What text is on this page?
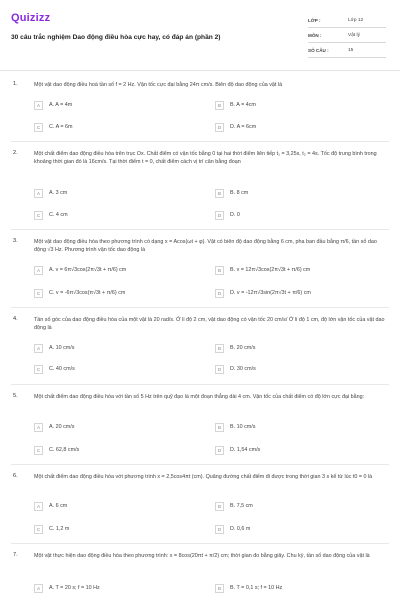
Quizizz
30 câu trắc nghiệm Dao động điều hòa cực hay, có đáp án (phần 2)
LỚP :	Lớp 12
MÔN :	Vật lý
SỐ CÂU :	15
1.	Một vật dao động điều hoà tần số f = 2 Hz. Vận tốc cực đại bằng 24π cm/s. Biên độ dao động của vật là
A	A. A = 4m	B	B. A = 4cm
C	C. A = 6m	D	D. A = 6cm
2.	Một chất điểm dao động điều hòa trên trục Ox. Chất điểm có vận tốc bằng 0 tại hai thời điểm liên tiếp t₁ = 3,25s, t₂ = 4s. Tốc độ trung bình trong khoảng thời gian đó là 16cm/s. Tại thời điểm t = 0, chất điểm cách vị trí cân bằng đoạn
A	A. 3 cm	B	B. 8 cm
C	C. 4 cm	D	D. 0
3.	Một vật dao động điều hòa theo phương trình có dạng x = Acos(ωt + φ). Vật có biên độ dao động bằng 6 cm, pha ban đầu bằng π/6, tần số dao động √3 Hz. Phương trình vận tốc dao động là
A	A. v = 6π√3cos(2π√3t + π/6) cm	B	B. v = 12π√3cos(2π√3t + π/6) cm
C	C. v = -6π√3cos(π√3t + π/6) cm	D	D. v = -12π√3sin(2π√3t + π/6) cm
4.	Tần số góc của dao động điều hòa của một vật là 20 rad/s. Ở li độ 2 cm, vật dao động có vận tốc 20 cm/s/ Ở li độ 1 cm, độ lớn vận tốc của vật dao động là
A	A. 10 cm/s	B	B. 20 cm/s
C	C. 40 cm/s	D	D. 30 cm/s
5.	Một chất điểm dao động điều hòa với tần số 5 Hz trên quỹ đạo là một đoạn thẳng dài 4 cm. Vận tốc của chất điểm có độ lớn cực đại bằng:
A	A. 20 cm/s	B	B. 10 cm/s
C	C. 62,8 cm/s	D	D. 1,54 cm/s
6.	Một chất điểm dao động điều hòa với phương trình x = 2,5cos4πt (cm). Quãng đường chất điểm đi được trong thời gian 3 s kể từ lúc t0 = 0 là
A	A. 6 cm	B	B. 7,5 cm
C	C. 1,2 m	D	D. 0,6 m
7.	Một vật thực hiện dao động điều hòa theo phương trình: x = 8cos(20πt + π/2) cm; thời gian đo bằng giây. Chu kỳ, tần số dao động của vật là
A	A. T = 20 s; f = 10 Hz	B	B. T = 0,1 s; f = 10 Hz
